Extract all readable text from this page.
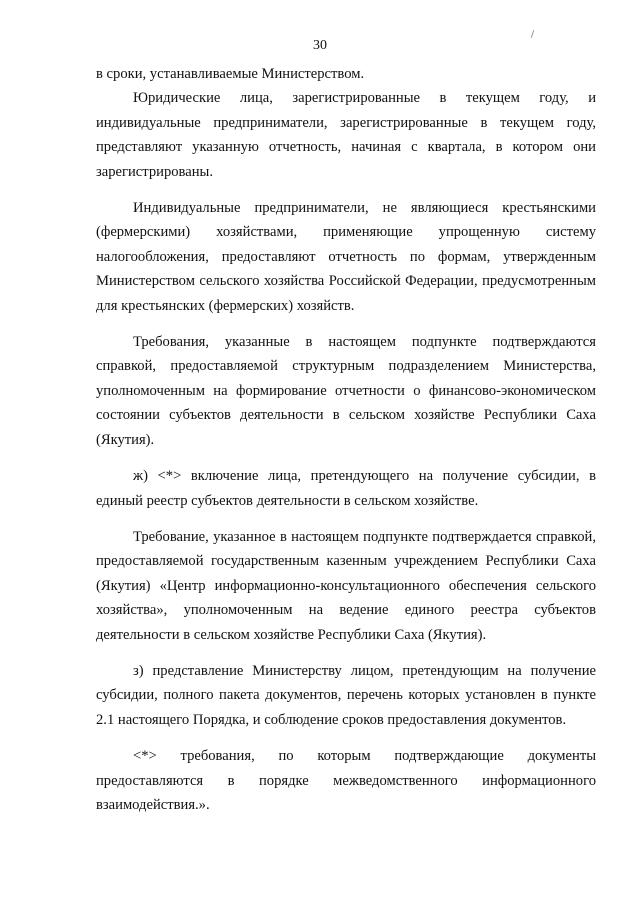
30

в сроки, устанавливаемые Министерством.

Юридические лица, зарегистрированные в текущем году, и индивидуальные предприниматели, зарегистрированные в текущем году, представляют указанную отчетность, начиная с квартала, в котором они зарегистрированы.

Индивидуальные предприниматели, не являющиеся крестьянскими (фермерскими) хозяйствами, применяющие упрощенную систему налогообложения, предоставляют отчетность по формам, утвержденным Министерством сельского хозяйства Российской Федерации, предусмотренным для крестьянских (фермерских) хозяйств.

Требования, указанные в настоящем подпункте подтверждаются справкой, предоставляемой структурным подразделением Министерства, уполномоченным на формирование отчетности о финансово-экономическом состоянии субъектов деятельности в сельском хозяйстве Республики Саха (Якутия).

ж) <*> включение лица, претендующего на получение субсидии, в единый реестр субъектов деятельности в сельском хозяйстве.

Требование, указанное в настоящем подпункте подтверждается справкой, предоставляемой государственным казенным учреждением Республики Саха (Якутия) «Центр информационно-консультационного обеспечения сельского хозяйства», уполномоченным на ведение единого реестра субъектов деятельности в сельском хозяйстве Республики Саха (Якутия).

з) представление Министерству лицом, претендующим на получение субсидии, полного пакета документов, перечень которых установлен в пункте 2.1 настоящего Порядка, и соблюдение сроков предоставления документов.

<*> требования, по которым подтверждающие документы предоставляются в порядке межведомственного информационного взаимодействия.».
